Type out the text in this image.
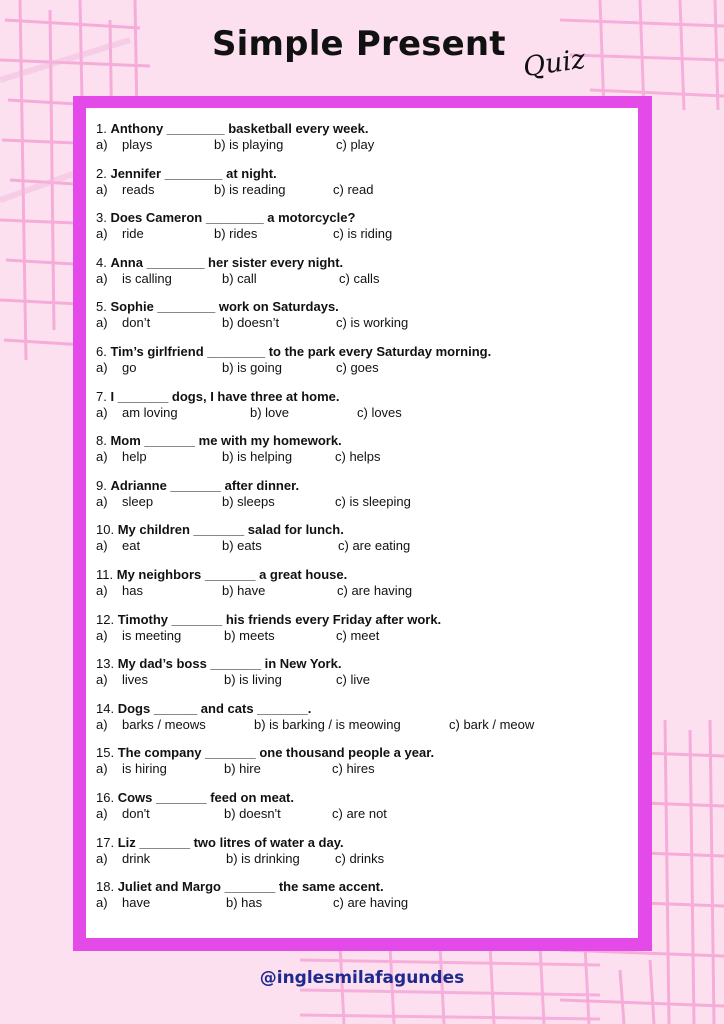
Simple Present Quiz
1. Anthony ________ basketball every week.
a) plays	b) is playing	c) play
2. Jennifer ________ at night.
a) reads	b) is reading	c) read
3. Does Cameron ________ a motorcycle?
a) ride	b) rides	c) is riding
4. Anna ________ her sister every night.
a) is calling	b) call	c) calls
5. Sophie ________ work on Saturdays.
a) don’t	b) doesn’t	c) is working
6. Tim’s girlfriend ________ to the park every Saturday morning.
a) go	b) is going	c) goes
7. I _______ dogs, I have three at home.
a) am loving	b) love	c) loves
8. Mom _______ me with my homework.
a) help	b) is helping	c) helps
9. Adrianne _______ after dinner.
a) sleep	b) sleeps	c) is sleeping
10. My children _______ salad for lunch.
a) eat	b) eats	c) are eating
11. My neighbors _______ a great house.
a) has	b) have	c) are having
12. Timothy _______ his friends every Friday after work.
a) is meeting	b) meets	c) meet
13. My dad’s boss _______ in New York.
a) lives	b) is living	c) live
14. Dogs ______ and cats _______.
a) barks / meows	b) is barking / is meowing	c) bark / meow
15. The company _______ one thousand people a year.
a) is hiring	b) hire	c) hires
16. Cows _______ feed on meat.
a) don't	b) doesn't	c) are not
17. Liz _______ two litres of water a day.
a) drink	b) is drinking	c) drinks
18. Juliet and Margo _______ the same accent.
a) have	b) has	c) are having
@inglesmilafagundes
